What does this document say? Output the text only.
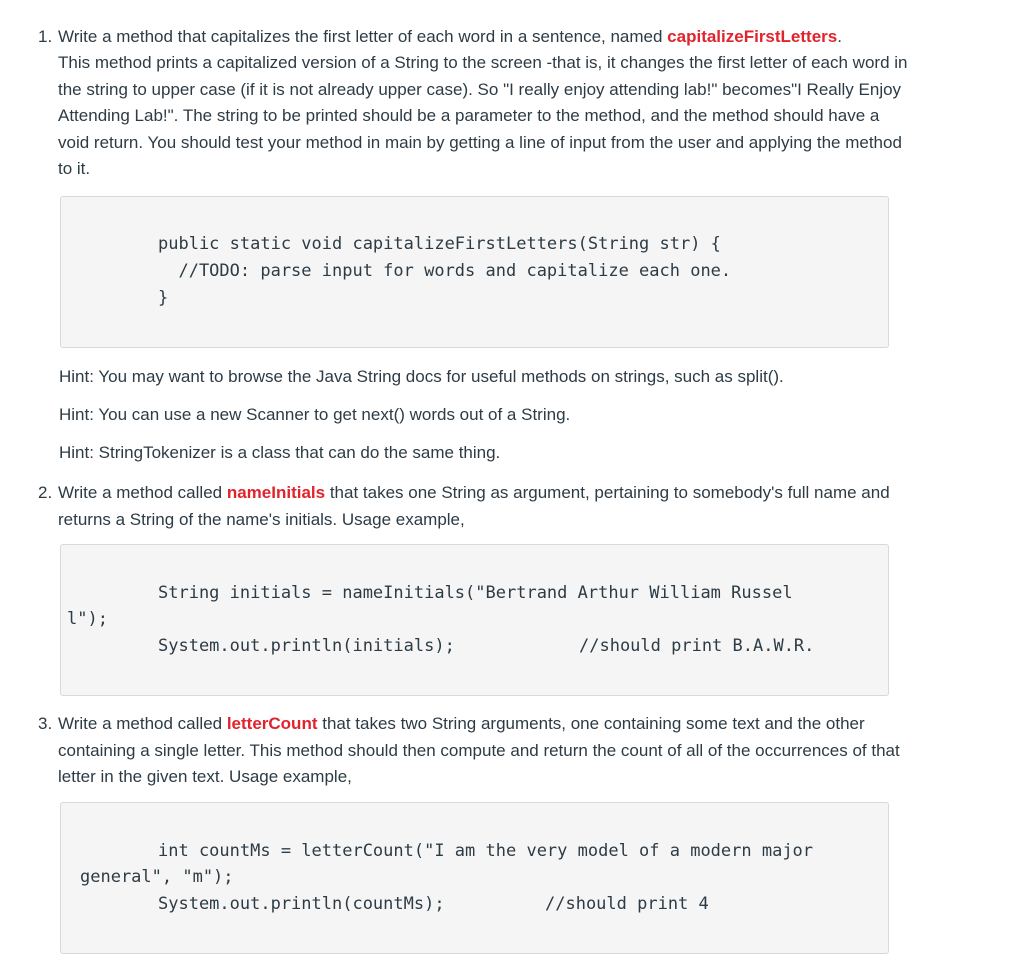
1. Write a method that capitalizes the first letter of each word in a sentence, named capitalizeFirstLetters.

This method prints a capitalized version of a String to the screen -that is, it changes the first letter of each word in the string to upper case (if it is not already upper case). So "I really enjoy attending lab!" becomes"I Really Enjoy Attending Lab!". The string to be printed should be a parameter to the method, and the method should have a void return. You should test your method in main by getting a line of input from the user and applying the method to it.

public static void capitalizeFirstLetters(String str) {
//TODO: parse input for words and capitalize each one.
}

Hint: You may want to browse the Java String docs for useful methods on strings, such as split().

Hint: You can use a new Scanner to get next() words out of a String.

Hint: StringTokenizer is a class that can do the same thing.

2. Write a method called nameInitials that takes one String as argument, pertaining to somebody's full name and returns a String of the name's initials. Usage example,

String initials = nameInitials("Bertrand Arthur William Russel
l");
System.out.println(initials);	//should print B.A.W.R.
3. Write a method called letterCount that takes two String arguments, one containing some text and the other containing a single letter. This method should then compute and return the count of all of the occurrences of that letter in the given text. Usage example,

int countMs = letterCount("I am the very model of a modern major
general", "m");
System.out.println(countMs);	//should print 4
